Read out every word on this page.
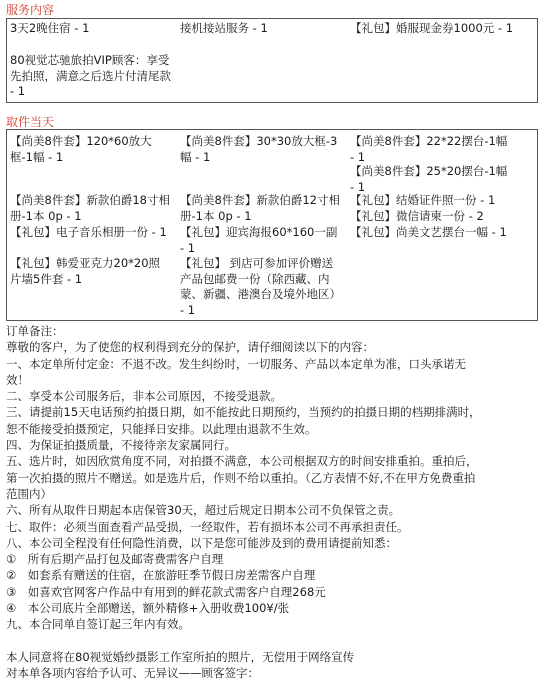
服务内容
3天2晚住宿 - 1	接机接站服务 - 1	【礼包】婚服现金券1000元 - 1
80视觉芯驰旅拍VIP顾客：享受先拍照，满意之后选片付清尾款 - 1
取件当天
【尚美8件套】120*60放大框-1幅 - 1
【尚美8件套】新款伯爵18寸相册-1本 0p - 1
【礼包】电子音乐相册一份 - 1
【礼包】韩爱亚克力20*20照片墙5件套 - 1
【尚美8件套】30*30放大框-3幅 - 1
【尚美8件套】新款伯爵12寸相册-1本 0p - 1
【礼包】迎宾海报60*160一副 - 1
【礼包】 到店可参加评价赠送产品包邮费一份（除西藏、内蒙、新疆、港澳台及境外地区） - 1
【尚美8件套】22*22摆台-1幅 - 1
【尚美8件套】25*20摆台-1幅 - 1
【礼包】结婚证件照一份 - 1
【礼包】微信请柬一份 - 2
【礼包】尚美文艺摆台一幅 - 1
订单备注：
尊敬的客户，为了使您的权利得到充分的保护，请仔细阅读以下的内容：
一、本定单所付定金：不退不改。发生纠纷时，一切服务、产品以本定单为准，口头承诺无
效！
二、享受本公司服务后，非本公司原因，不接受退款。
三、请提前15天电话预约拍摄日期，如不能按此日期预约，当预约的拍摄日期的档期排满时，
恕不能接受拍摄预定，只能择日安排。以此理由退款不生效。
四、为保证拍摄质量，不接待亲友家属同行。
五、选片时，如因欣赏角度不同，对拍摄不满意，本公司根据双方的时间安排重拍。重拍后，
第一次拍摄的照片不赠送。如是选片后，作则不给以重拍。（乙方表情不好,不在甲方免费重拍
范围内）
六、所有从取件日期起本店保管30天，超过后规定日期本公司不负保管之责。
七、取件：必须当面查看产品受损，一经取件，若有损坏本公司不再承担责任。
八、本公司全程没有任何隐性消费，以下是您可能涉及到的费用请提前知悉：
①　所有后期产品打包及邮寄费需客户自理
②　如套系有赠送的住宿，在旅游旺季节假日房差需客户自理
③　如喜欢官网客户作品中有用到的鲜花款式需客户自理268元
④　本公司底片全部赠送，额外精修+入册收费100¥/张
九、本合同单自签订起三年内有效。
本人同意将在80视觉婚纱摄影工作室所拍的照片，无偿用于网络宣传
对本单各项内容给予认可、无异议——顾客签字：
